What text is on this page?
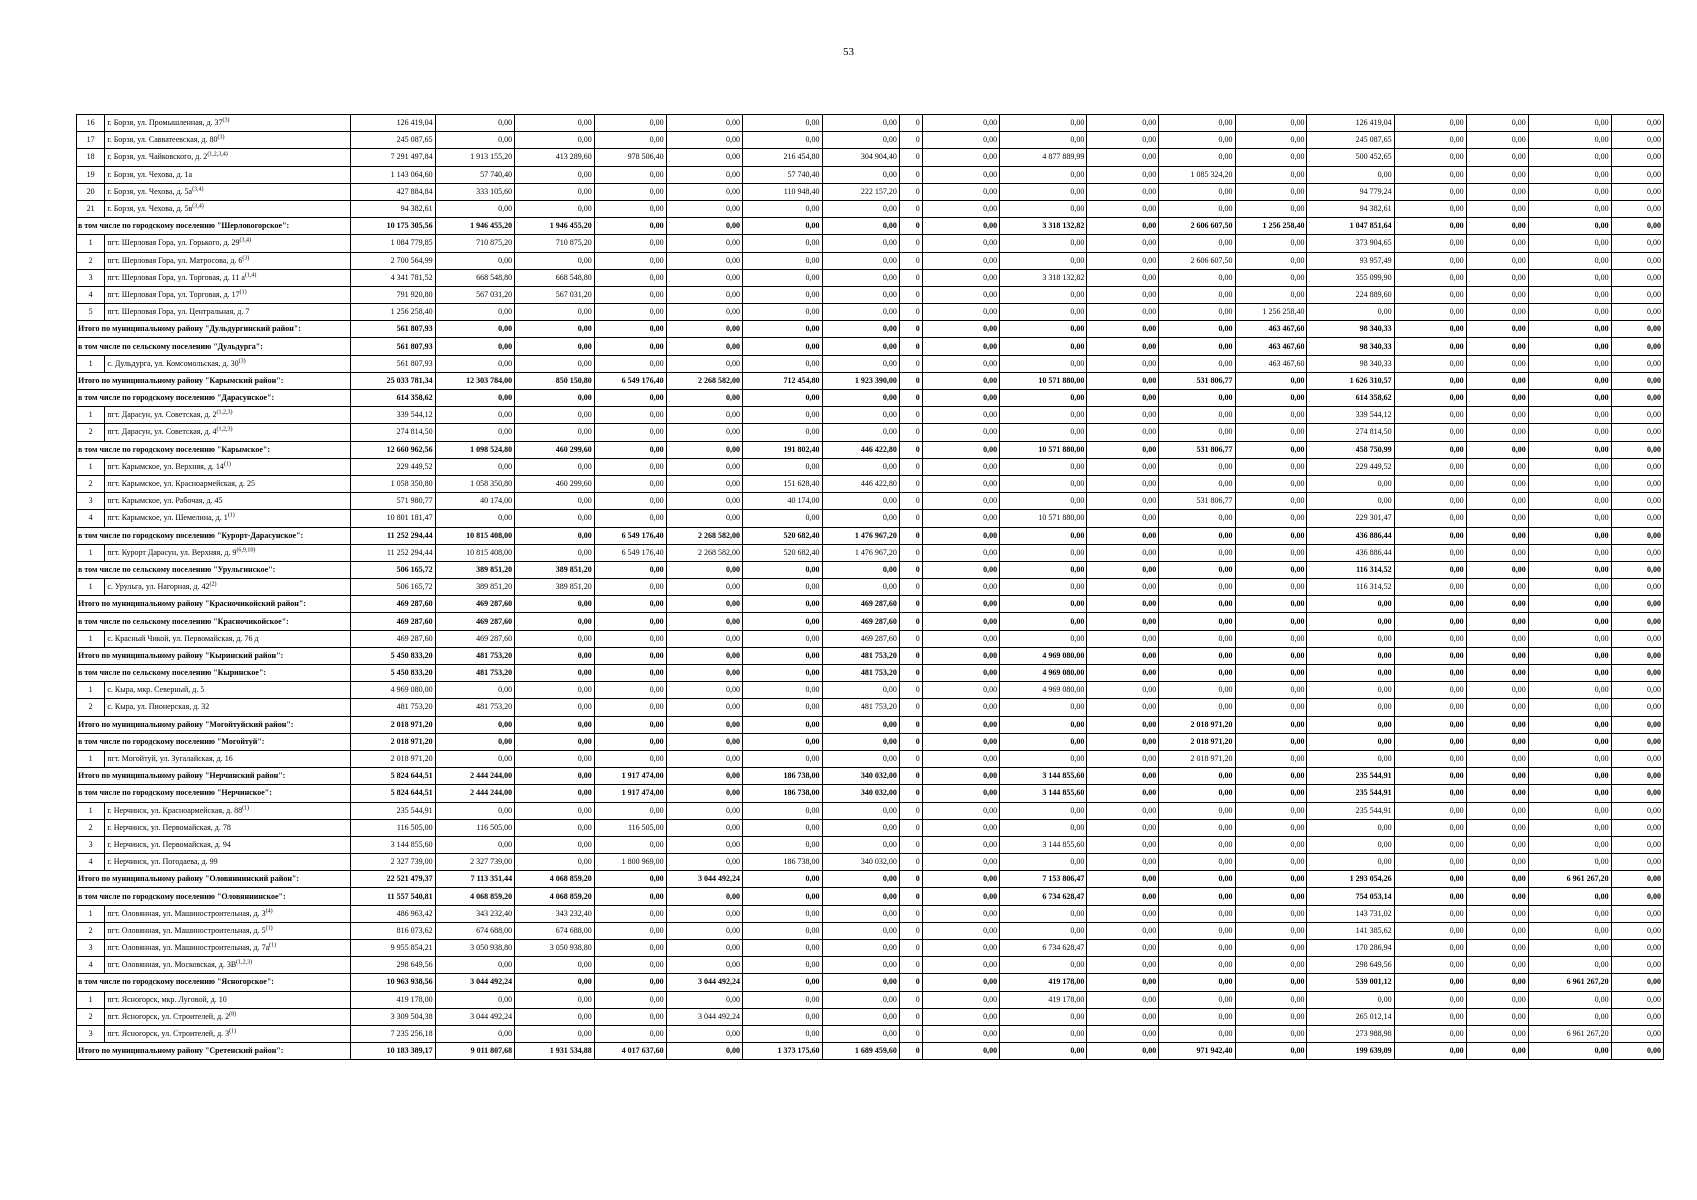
53
16	г. Борзя, ул. Промышленная, д. 37$^{(3)}$	126 419,04	0,00	0,00	0,00	0,00	0,00	0,00	0	0,00	0,00	0,00	0,00	0,00	126 419,04	0,00	0,00	0,00	0,00
17	г. Борзя, ул. Савватеевская, д. 80$^{(3)}$	245 087,65	0,00	0,00	0,00	0,00	0,00	0,00	0	0,00	0,00	0,00	0,00	0,00	245 087,65	0,00	0,00	0,00	0,00
18	г. Борзя, ул. Чайковского, д. 2$^{(1,2,3,4)}$	7 291 497,84	1 913 155,20	413 289,60	978 506,40	0,00	216 454,80	304 904,40	0	0,00	4 877 889,99	0,00	0,00	0,00	500 452,65	0,00	0,00	0,00	0,00
19	г. Борзя, ул. Чехова, д. 1а	1 143 064,60	57 740,40	0,00	0,00	0,00	57 740,40	0,00	0	0,00	0,00	0,00	1 085 324,20	0,00	0,00	0,00	0,00	0,00	0,00
20	г. Борзя, ул. Чехова, д. $5а^{(3,4)}$	427 884,84	333 105,60	0,00	0,00	0,00	110 948,40	222 157,20	0	0,00	0,00	0,00	0,00	0,00	94 779,24	0,00	0,00	0,00	0,00
21	г. Борзя, ул. Чехова, д. $5в^{(3,4)}$	94 382,61	0,00	0,00	0,00	0,00	0,00	0,00	0	0,00	0,00	0,00	0,00	0,00	94 382,61	0,00	0,00	0,00	0,00
в том числе по городскому поселению "Шерловогорское":		10 175 305,56	1 946 455,20	1 946 455,20	0,00	0,00	0,00	0,00	0	0,00	3 318 132,82	0,00	2 606 607,50	1 256 258,40	1 047 851,64	0,00	0,00	0,00	0,00
1	пгт. Шерловая Гора, ул. Горького, д. 29$^{(3,4)}$	1 084 779,85	710 875,20	710 875,20	0,00	0,00	0,00	0,00	0	0,00	0,00	0,00	0,00	0,00	373 904,65	0,00	0,00	0,00	0,00
2	пгт. Шерловая Гора, ул. Матросова, д. 6$^{(3)}$	2 700 564,99	0,00	0,00	0,00	0,00	0,00	0,00	0	0,00	0,00	0,00	2 606 607,50	0,00	93 957,49	0,00	0,00	0,00	0,00
3	пгт. Шерловая Гора, ул. Торговая, д. 11 $а^{(1,4)}$	4 341 781,52	668 548,80	668 548,80	0,00	0,00	0,00	0,00	0	0,00	3 318 132,82	0,00	0,00	0,00	355 099,90	0,00	0,00	0,00	0,00
4	пгт. Шерловая Гора, ул. Торговая, д. 17$^{(1)}$	791 920,80	567 031,20	567 031,20	0,00	0,00	0,00	0,00	0	0,00	0,00	0,00	0,00	0,00	224 889,60	0,00	0,00	0,00	0,00
5	пгт. Шерловая Гора, ул. Центральная, д. 7	1 256 258,40	0,00	0,00	0,00	0,00	0,00	0,00	0	0,00	0,00	0,00	0,00	1 256 258,40	0,00	0,00	0,00	0,00	0,00
Итого по муниципальному району "Дульдургинский район":		561 807,93	0,00	0,00	0,00	0,00	0,00	0,00	0	0,00	0,00	0,00	0,00	463 467,60	98 340,33	0,00	0,00	0,00	0,00
в том числе по сельскому поселению "Дульдурга":		561 807,93	0,00	0,00	0,00	0,00	0,00	0,00	0	0,00	0,00	0,00	0,00	463 467,60	98 340,33	0,00	0,00	0,00	0,00
1	с. Дульдурга, ул. Комсомольская, д. 30$^{(3)}$	561 807,93	0,00	0,00	0,00	0,00	0,00	0,00	0	0,00	0,00	0,00	0,00	463 467,60	98 340,33	0,00	0,00	0,00	0,00
Итого по муниципальному району "Карымский район":		25 033 781,34	12 303 784,00	850 150,80	6 549 176,40	2 268 582,00	712 454,80	1 923 390,00	0	0,00	10 571 880,00	0,00	531 806,77	0,00	1 626 310,57	0,00	0,00	0,00	0,00
в том числе по городскому поселению "Дарасунское":		614 358,62	0,00	0,00	0,00	0,00	0,00	0,00	0	0,00	0,00	0,00	0,00	0,00	614 358,62	0,00	0,00	0,00	0,00
1	пгт. Дарасун, ул. Советская, д. 2$^{(1,2,3)}$	339 544,12	0,00	0,00	0,00	0,00	0,00	0,00	0	0,00	0,00	0,00	0,00	0,00	339 544,12	0,00	0,00	0,00	0,00
2	пгт. Дарасун, ул. Советская, д. 4$^{(1,2,3)}$	274 814,50	0,00	0,00	0,00	0,00	0,00	0,00	0	0,00	0,00	0,00	0,00	0,00	274 814,50	0,00	0,00	0,00	0,00
в том числе по городскому поселению "Карымское":		12 660 962,56	1 098 524,80	460 299,60	0,00	0,00	191 802,40	446 422,80	0	0,00	10 571 880,00	0,00	531 806,77	0,00	458 750,99	0,00	0,00	0,00	0,00
1	пгт. Карымское, ул. Верхняя, д. 14$^{(1)}$	229 449,52	0,00	0,00	0,00	0,00	0,00	0,00	0	0,00	0,00	0,00	0,00	0,00	229 449,52	0,00	0,00	0,00	0,00
2	пгт. Карымское, ул. Красноармейская, д. 25	1 058 350,80	1 058 350,80	460 299,60	0,00	0,00	151 628,40	446 422,80	0	0,00	0,00	0,00	0,00	0,00	0,00	0,00	0,00	0,00	0,00
3	пгт. Карымское, ул. Рабочая, д. 45	571 980,77	40 174,00	0,00	0,00	0,00	40 174,00	0,00	0	0,00	0,00	0,00	531 806,77	0,00	0,00	0,00	0,00	0,00	0,00
4	пгт. Карымское, ул. Шемелина, д. 1$^{(1)}$	10 801 181,47	0,00	0,00	0,00	0,00	0,00	0,00	0	0,00	10 571 880,00	0,00	0,00	0,00	229 301,47	0,00	0,00	0,00	0,00
в том числе по городскому поселению "Курорт-Дарасунское":		11 252 294,44	10 815 408,00	0,00	6 549 176,40	2 268 582,00	520 682,40	1 476 967,20	0	0,00	0,00	0,00	0,00	0,00	436 886,44	0,00	0,00	0,00	0,00
1	пгт. Курорт Дарасун, ул. Верхняя, д. 9$^{(6,9,10)}$	11 252 294,44	10 815 408,00	0,00	6 549 176,40	2 268 582,00	520 682,40	1 476 967,20	0	0,00	0,00	0,00	0,00	0,00	436 886,44	0,00	0,00	0,00	0,00
в том числе по сельскому поселению "Урульгинское":		506 165,72	389 851,20	389 851,20	0,00	0,00	0,00	0,00	0	0,00	0,00	0,00	0,00	0,00	116 314,52	0,00	0,00	0,00	0,00
1	с. Урульга, ул. Нагорная, д. 42$^{(2)}$	506 165,72	389 851,20	389 851,20	0,00	0,00	0,00	0,00	0	0,00	0,00	0,00	0,00	0,00	116 314,52	0,00	0,00	0,00	0,00
Итого по муниципальному району "Красночикойский район":		469 287,60	469 287,60	0,00	0,00	0,00	0,00	469 287,60	0	0,00	0,00	0,00	0,00	0,00	0,00	0,00	0,00	0,00	0,00
в том числе по сельскому поселению "Красночикойское":		469 287,60	469 287,60	0,00	0,00	0,00	0,00	469 287,60	0	0,00	0,00	0,00	0,00	0,00	0,00	0,00	0,00	0,00	0,00
1	с. Красный Чикой, ул. Первомайская, д. 76 д	469 287,60	469 287,60	0,00	0,00	0,00	0,00	469 287,60	0	0,00	0,00	0,00	0,00	0,00	0,00	0,00	0,00	0,00	0,00
Итого по муниципальному району "Кыринский район":		5 450 833,20	481 753,20	0,00	0,00	0,00	0,00	481 753,20	0	0,00	4 969 080,00	0,00	0,00	0,00	0,00	0,00	0,00	0,00	0,00
в том числе по сельскому поселению "Кыринское":		5 450 833,20	481 753,20	0,00	0,00	0,00	0,00	481 753,20	0	0,00	4 969 080,00	0,00	0,00	0,00	0,00	0,00	0,00	0,00	0,00
1	с. Кыра, мкр. Северный, д. 5	4 969 080,00	0,00	0,00	0,00	0,00	0,00	0,00	0	0,00	4 969 080,00	0,00	0,00	0,00	0,00	0,00	0,00	0,00	0,00
2	с. Кыра, ул. Пионерская, д. 32	481 753,20	481 753,20	0,00	0,00	0,00	0,00	481 753,20	0	0,00	0,00	0,00	0,00	0,00	0,00	0,00	0,00	0,00	0,00
Итого по муниципальному району "Могойтуйский район":		2 018 971,20	0,00	0,00	0,00	0,00	0,00	0,00	0	0,00	0,00	0,00	2 018 971,20	0,00	0,00	0,00	0,00	0,00	0,00
в том числе по городскому поселению "Могойтуй":		2 018 971,20	0,00	0,00	0,00	0,00	0,00	0,00	0	0,00	0,00	0,00	2 018 971,20	0,00	0,00	0,00	0,00	0,00	0,00
1	пгт. Могойтуй, ул. Зугалайская, д. 16	2 018 971,20	0,00	0,00	0,00	0,00	0,00	0,00	0	0,00	0,00	0,00	2 018 971,20	0,00	0,00	0,00	0,00	0,00	0,00
Итого по муниципальному району "Нерчинский район":		5 824 644,51	2 444 244,00	0,00	1 917 474,00	0,00	186 738,00	340 032,00	0	0,00	3 144 855,60	0,00	0,00	0,00	235 544,91	0,00	0,00	0,00	0,00
в том числе по городскому поселению "Нерчинское":		5 824 644,51	2 444 244,00	0,00	1 917 474,00	0,00	186 738,00	340 032,00	0	0,00	3 144 855,60	0,00	0,00	0,00	235 544,91	0,00	0,00	0,00	0,00
1	г. Нерчинск, ул. Красноармейская, д. 88$^{(1)}$	235 544,91	0,00	0,00	0,00	0,00	0,00	0,00	0	0,00	0,00	0,00	0,00	0,00	235 544,91	0,00	0,00	0,00	0,00
2	г. Нерчинск, ул. Первомайская, д. 78	116 505,00	116 505,00	0,00	116 505,00	0,00	0,00	0,00	0	0,00	0,00	0,00	0,00	0,00	0,00	0,00	0,00	0,00	0,00
3	г. Нерчинск, ул. Первомайская, д. 94	3 144 855,60	0,00	0,00	0,00	0,00	0,00	0,00	0	0,00	3 144 855,60	0,00	0,00	0,00	0,00	0,00	0,00	0,00	0,00
4	г. Нерчинск, ул. Погодаева, д. 99	2 327 739,00	2 327 739,00	0,00	1 800 969,00	0,00	186 738,00	340 032,00	0	0,00	0,00	0,00	0,00	0,00	0,00	0,00	0,00	0,00	0,00
Итого по муниципальному району "Оловяннинский район":		22 521 479,37	7 113 351,44	4 068 859,20	0,00	3 044 492,24	0,00	0,00	0	0,00	7 153 806,47	0,00	0,00	0,00	1 293 054,26	0,00	0,00	6 961 267,20	0,00
в том числе по городскому поселению "Оловяннинское":		11 557 540,81	4 068 859,20	4 068 859,20	0,00	0,00	0,00	0,00	0	0,00	6 734 628,47	0,00	0,00	0,00	754 053,14	0,00	0,00	0,00	0,00
1	пгт. Оловянная, ул. Машиностроительная, д. 3$^{(4)}$	486 963,42	343 232,40	343 232,40	0,00	0,00	0,00	0,00	0	0,00	0,00	0,00	0,00	0,00	143 731,02	0,00	0,00	0,00	0,00
2	пгт. Оловянная, ул. Машиностроительная, д. 5$^{(1)}$	816 073,62	674 688,00	674 688,00	0,00	0,00	0,00	0,00	0	0,00	0,00	0,00	0,00	0,00	141 385,62	0,00	0,00	0,00	0,00
3	пгт. Оловянная, ул. Машиностроительная, д. $7а^{(1)}$	9 955 854,21	3 050 938,80	3 050 938,80	0,00	0,00	0,00	0,00	0	0,00	6 734 628,47	0,00	0,00	0,00	170 286,94	0,00	0,00	0,00	0,00
4	пгт. Оловянная, ул. Московская, д. $3В^{(1,2,3)}$	298 649,56	0,00	0,00	0,00	0,00	0,00	0,00	0	0,00	0,00	0,00	0,00	0,00	298 649,56	0,00	0,00	0,00	0,00
в том числе по городскому поселению "Ясногорское":		10 963 938,56	3 044 492,24	0,00	0,00	3 044 492,24	0,00	0,00	0	0,00	419 178,00	0,00	0,00	0,00	539 001,12	0,00	0,00	6 961 267,20	0,00
1	пгт. Ясногорск, мкр. Луговой, д. 10	419 178,00	0,00	0,00	0,00	0,00	0,00	0,00	0	0,00	419 178,00	0,00	0,00	0,00	0,00	0,00	0,00	0,00	0,00
2	пгт. Ясногорск, ул. Строителей, д. 2$^{(8)}$	3 309 504,38	3 044 492,24	0,00	0,00	3 044 492,24	0,00	0,00	0	0,00	0,00	0,00	0,00	0,00	265 012,14	0,00	0,00	0,00	0,00
3	пгт. Ясногорск, ул. Строителей, д. 3$^{(1)}$	7 235 256,18	0,00	0,00	0,00	0,00	0,00	0,00	0	0,00	0,00	0,00	0,00	0,00	273 988,98	0,00	0,00	6 961 267,20	0,00
Итого по муниципальному району "Сретенский район":		10 183 389,17	9 011 807,68	1 931 534,88	4 017 637,60	0,00	1 373 175,60	1 689 459,60	0	0,00	0,00	0,00	971 942,40	0,00	199 639,09	0,00	0,00	0,00	0,00
